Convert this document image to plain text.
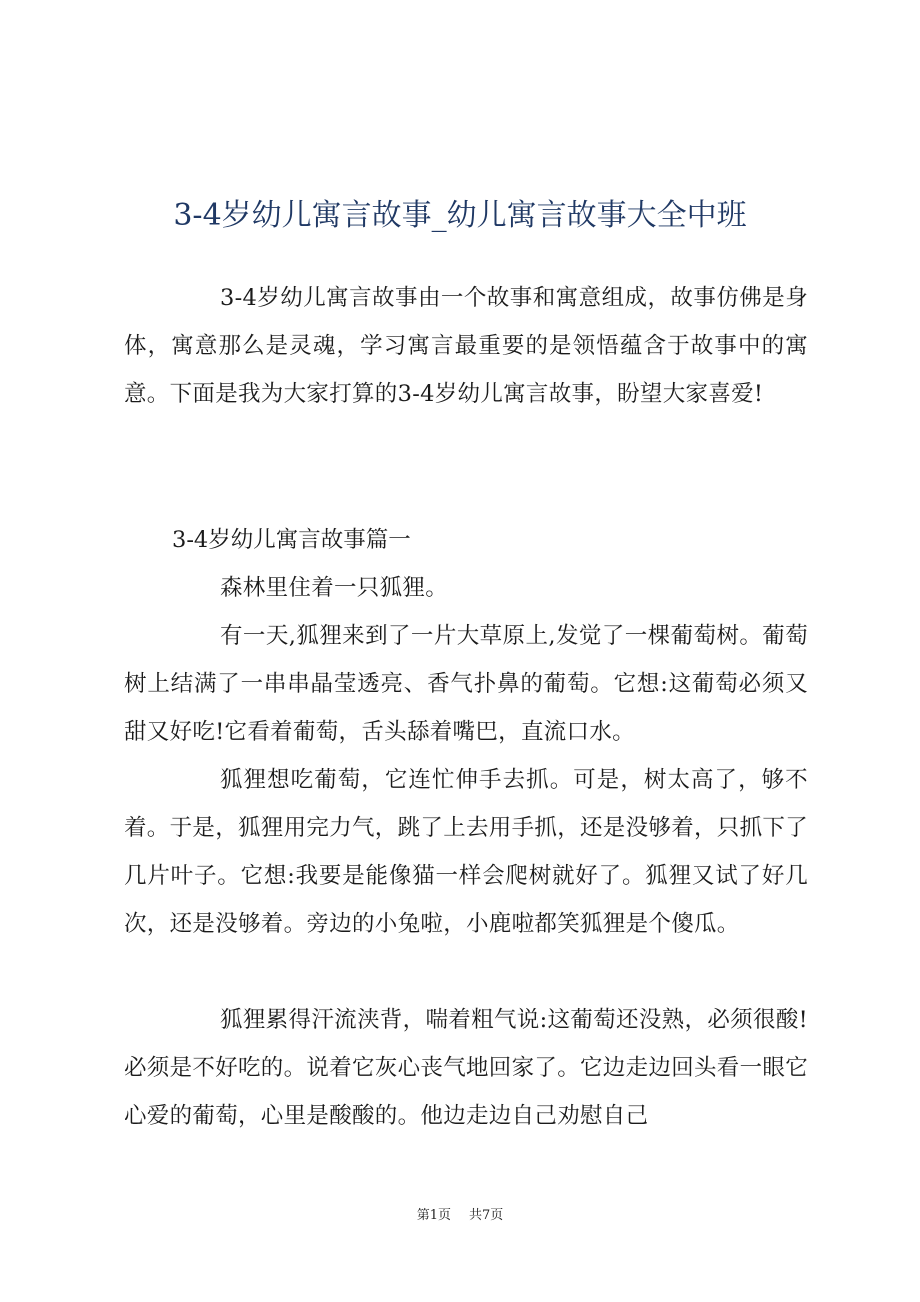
3-4岁幼儿寓言故事_幼儿寓言故事大全中班

3-4岁幼儿寓言故事由一个故事和寓意组成，故事仿佛是身体，寓意那么是灵魂，学习寓言最重要的是领悟蕴含于故事中的寓意。下面是我为大家打算的3-4岁幼儿寓言故事，盼望大家喜爱!

3-4岁幼儿寓言故事篇一

森林里住着一只狐狸。

有一天,狐狸来到了一片大草原上,发觉了一棵葡萄树。葡萄树上结满了一串串晶莹透亮、香气扑鼻的葡萄。它想:这葡萄必须又甜又好吃!它看着葡萄，舌头舔着嘴巴，直流口水。

狐狸想吃葡萄，它连忙伸手去抓。可是，树太高了，够不着。于是，狐狸用完力气，跳了上去用手抓，还是没够着，只抓下了几片叶子。它想:我要是能像猫一样会爬树就好了。狐狸又试了好几次，还是没够着。旁边的小兔啦，小鹿啦都笑狐狸是个傻瓜。

狐狸累得汗流浃背，喘着粗气说:这葡萄还没熟，必须很酸!必须是不好吃的。说着它灰心丧气地回家了。它边走边回头看一眼它心爱的葡萄，心里是酸酸的。他边走边自己劝慰自己

第1页 共7页
